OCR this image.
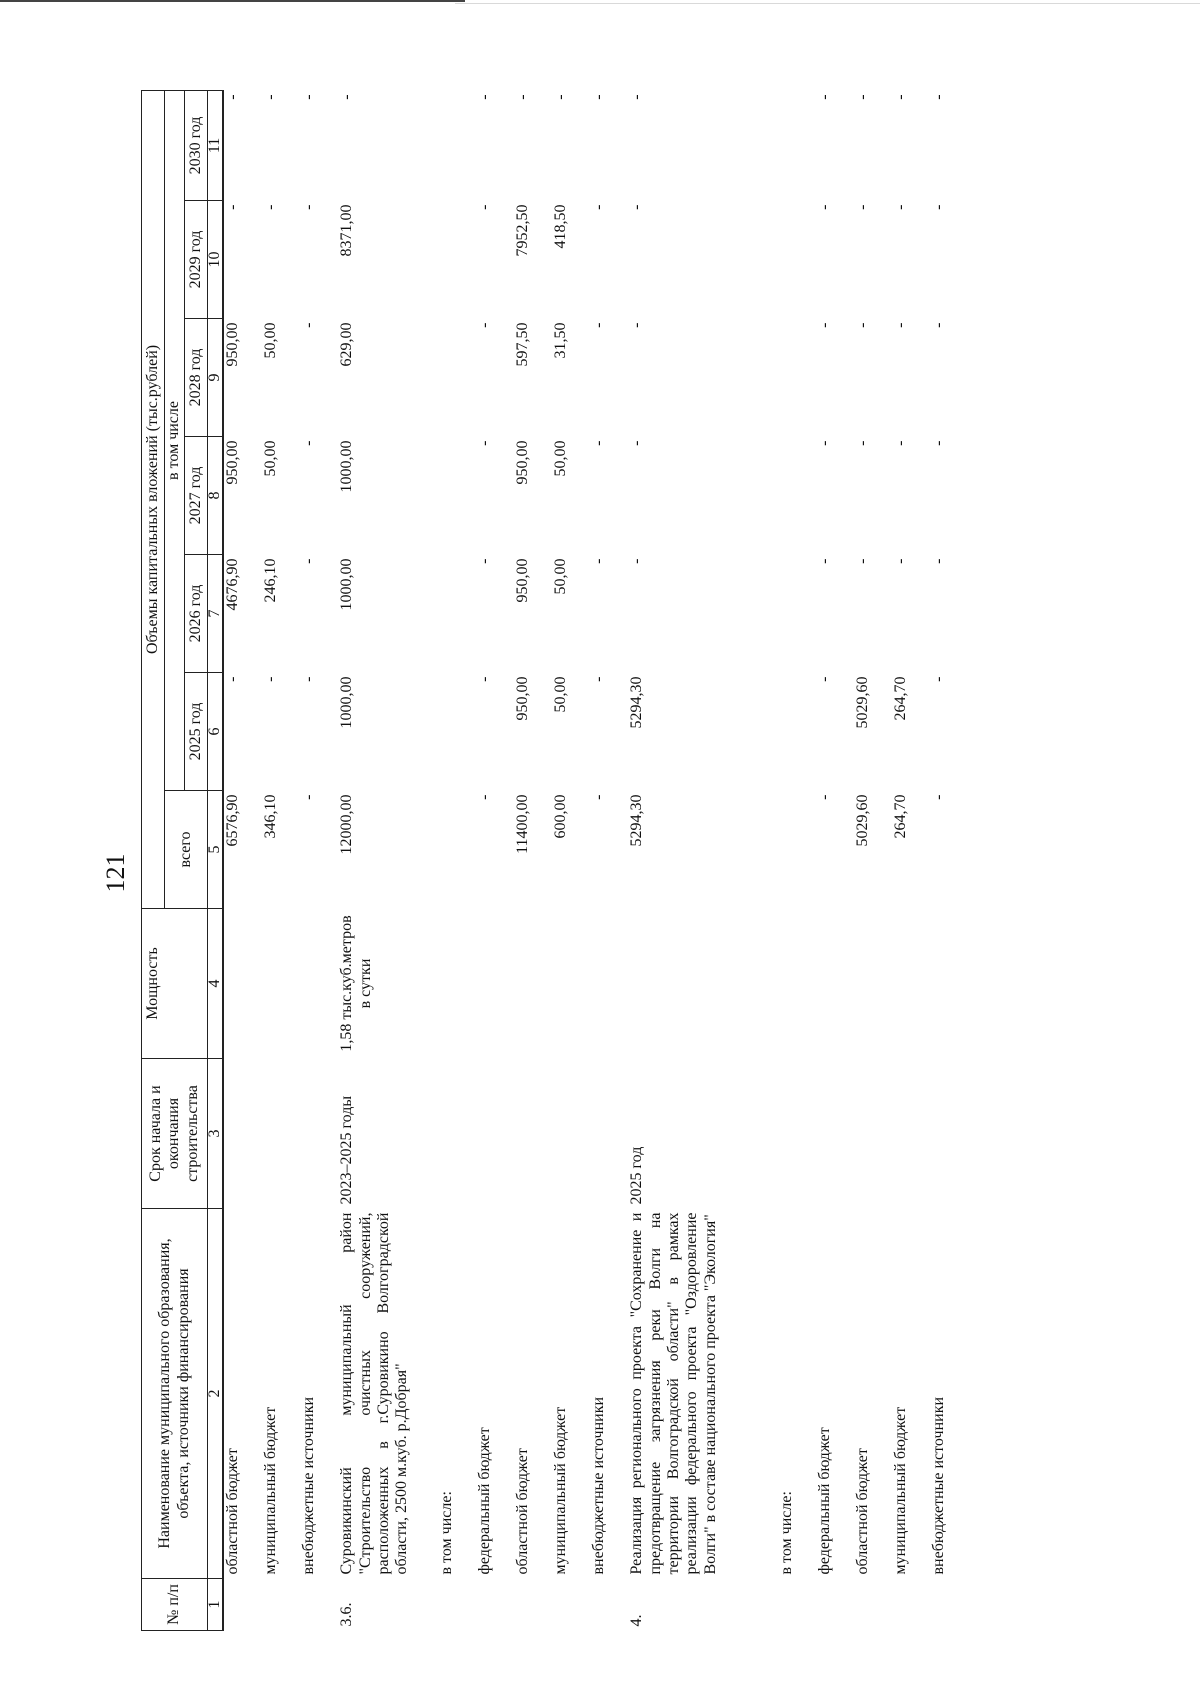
121
№ п/п	Наименование муниципального образования, объекта, источники финансирования	Срок начала и окончания строительства	Мощность	Объемы капитальных вложений (тыс.рублей)						
				всего	в том числе					
					2025 год	2026 год	2027 год	2028 год	2029 год	2030 год
1	2	3	4	5	6	7	8	9	10	11
	областной бюджет			6576,90	-	4676,90	950,00	950,00	-	-
	муниципальный бюджет			346,10	-	246,10	50,00	50,00	-	-
	внебюджетные источники			-	-	-	-	-	-	-
3.6.	Суровикинский муниципальный район "Строительство очистных сооружений, расположенных в г.Суровикино Волгоградской области, 2500 м.куб. р.Добрая"	2023–2025 годы	1,58 тыс.куб.метров в сутки	12000,00	1000,00	1000,00	1000,00	629,00	8371,00	-
	в том числе:									
	федеральный бюджет			-	-	-	-	-	-	-
	областной бюджет			11400,00	950,00	950,00	950,00	597,50	7952,50	-
	муниципальный бюджет			600,00	50,00	50,00	50,00	31,50	418,50	-
	внебюджетные источники			-	-	-	-	-	-	-
4.	Реализация регионального проекта "Сохранение и предотвращение загрязнения реки Волги на территории Волгоградской области" в рамках реализации федерального проекта "Оздоровление Волги" в составе национального проекта "Экология"	2025 год		5294,30	5294,30	-	-	-	-	-
	в том числе:									
	федеральный бюджет			-	-	-	-	-	-	-
	областной бюджет			5029,60	5029,60	-	-	-	-	-
	муниципальный бюджет			264,70	264,70	-	-	-	-	-
	внебюджетные источники			-	-	-	-	-	-	-
